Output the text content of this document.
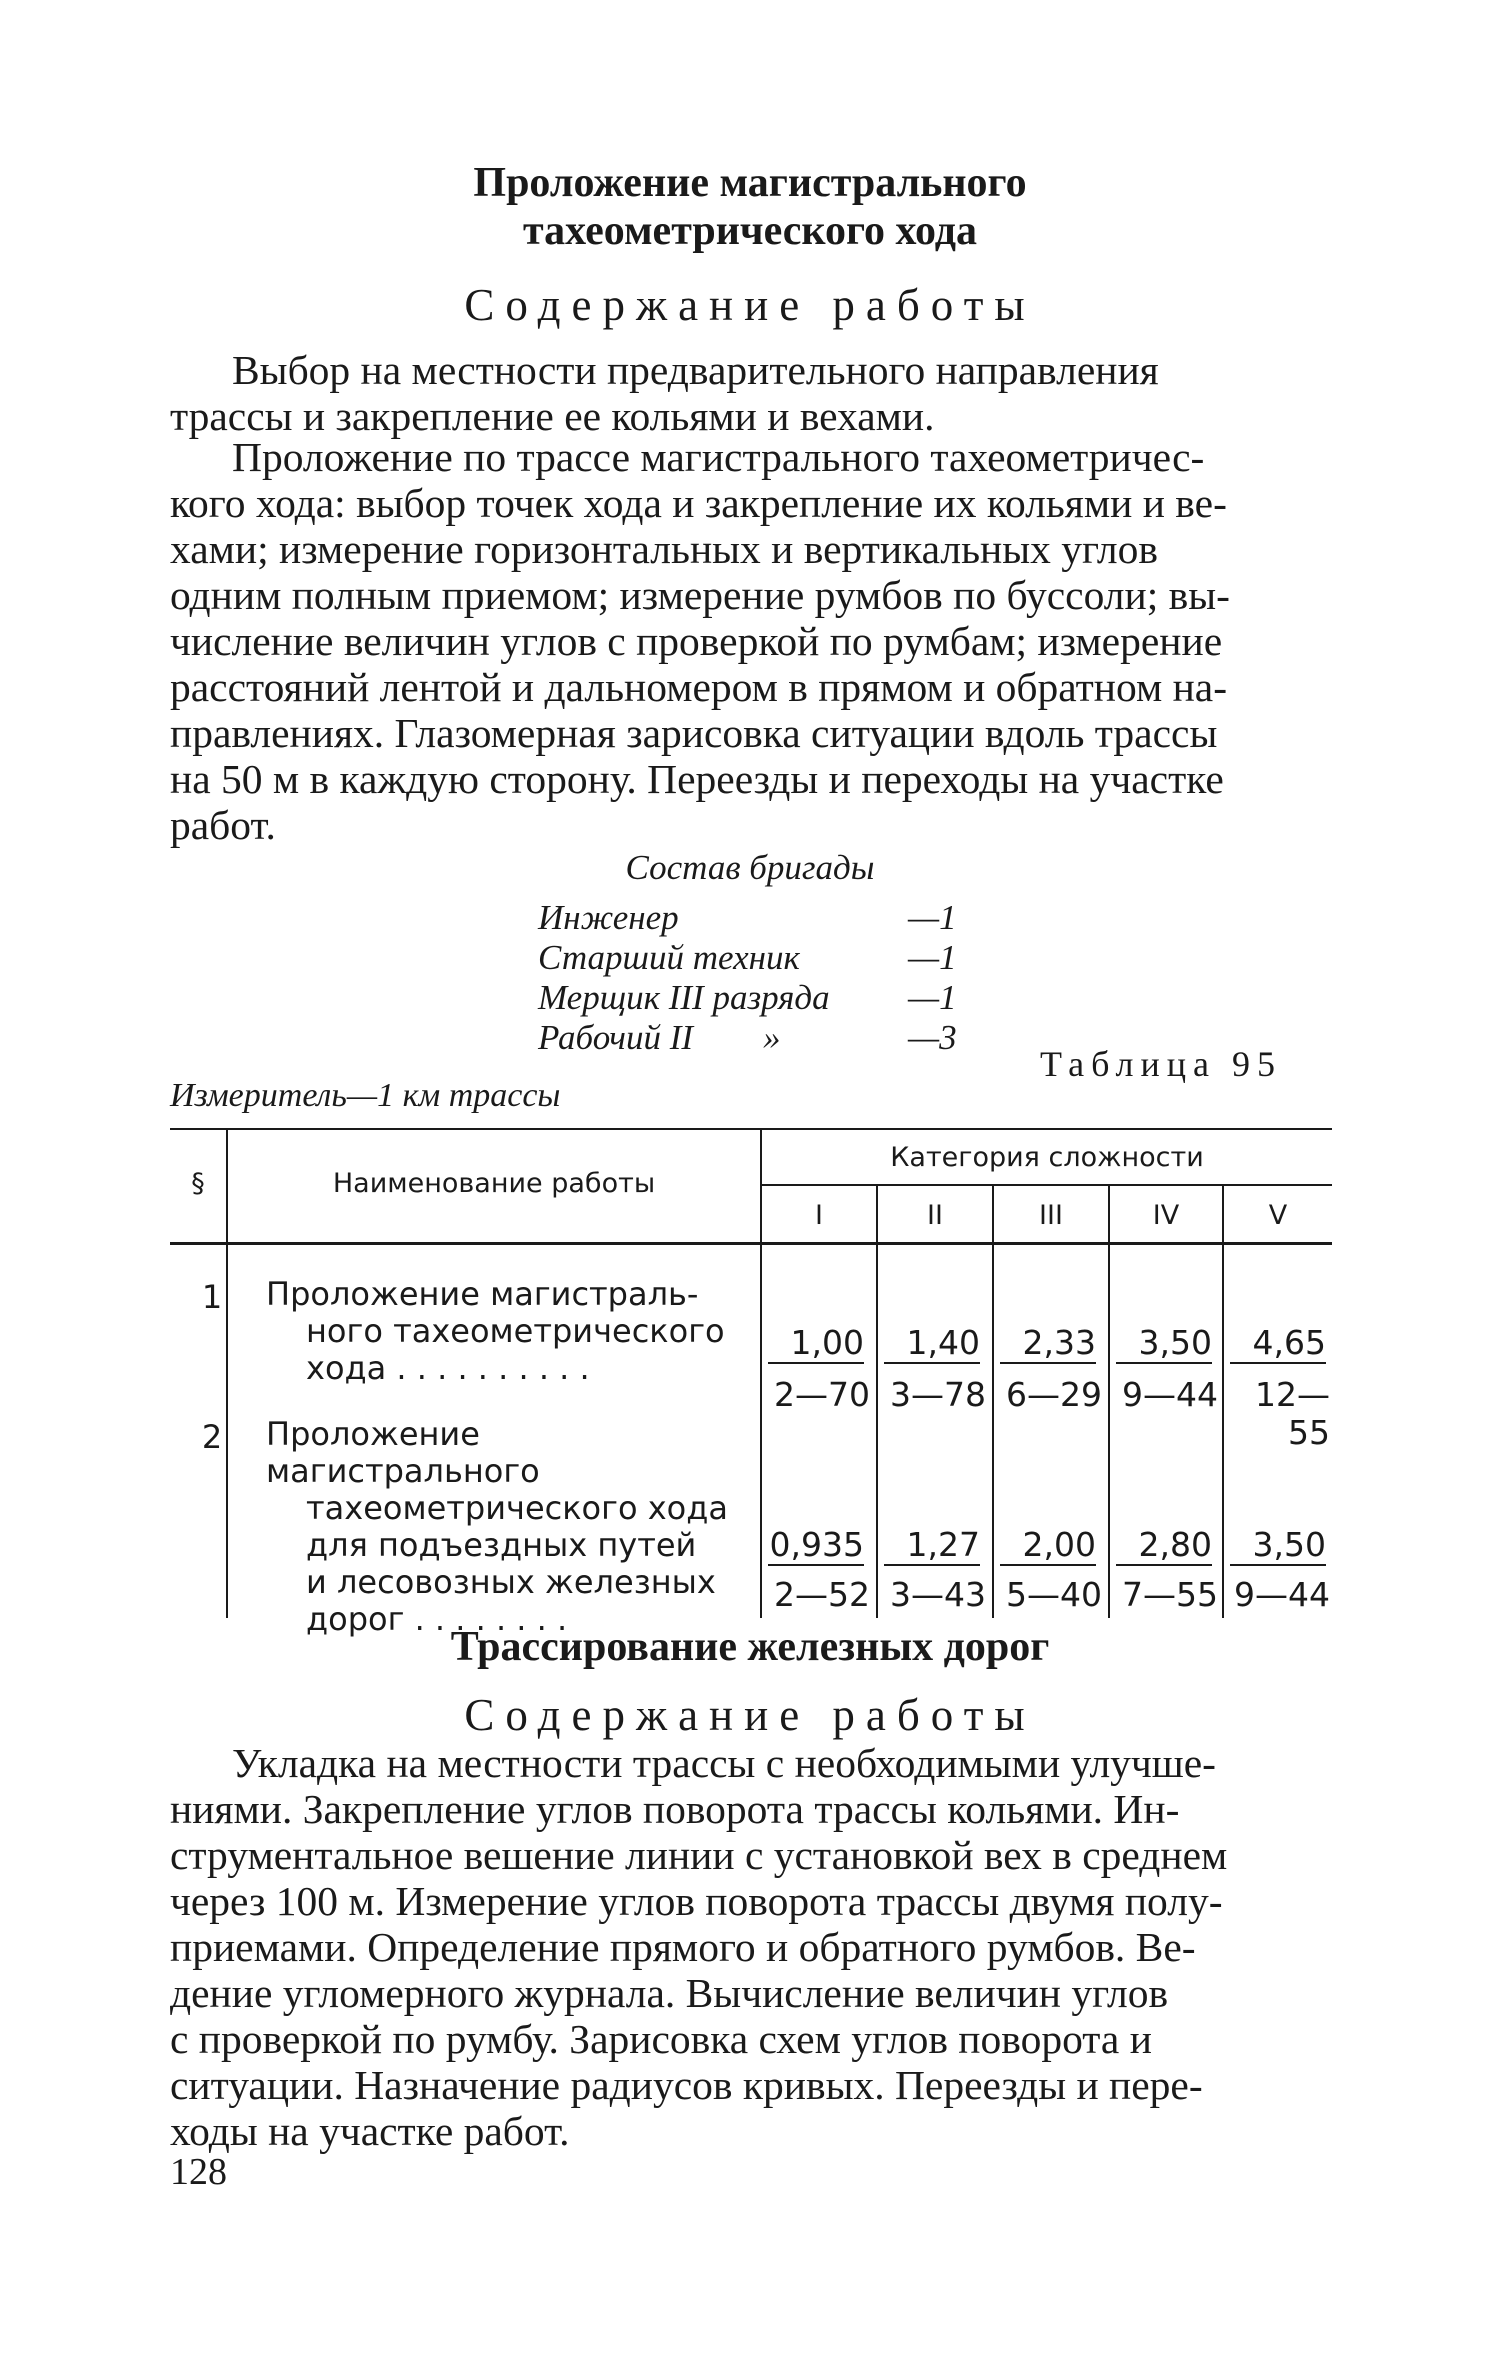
Проложение магистрального
тахеометрического хода
Содержание работы
Выбор на местности предварительного направления
трассы и закрепление ее кольями и вехами.
Проложение по трассе магистрального тахеометричес-
кого хода: выбор точек хода и закрепление их кольями и ве-
хами; измерение горизонтальных и вертикальных углов
одним полным приемом; измерение румбов по буссоли; вы-
числение величин углов с проверкой по румбам; измерение
расстояний лентой и дальномером в прямом и обратном на-
правлениях. Глазомерная зарисовка ситуации вдоль трассы
на 50 м в каждую сторону. Переезды и переходы на участке
работ.
Состав бригады
Инженер	—1
Старший техник	—1
Мерщик III разряда —1
Рабочий II        »	—3
Таблица 95
Измеритель—1 км трассы
§	Наименование работы
Категория сложности
I	II	III	IV	V
1	Проложение магистраль-
ного тахеометрического
хода . . . . . . . . . .
1,00	1,40	2,33	3,50	4,65
2—70 3—78 6—29 9—44	12—55
2	Проложение магистрального
тахеометрического хода
для подъездных путей
и лесовозных железных
дорог . . . . . . . .
0,935	1,27	2,00	2,80	3,50
2—52 3—43 5—40 7—55 9—44
Трассирование железных дорог
Содержание работы
Укладка на местности трассы с необходимыми улучше-
ниями. Закрепление углов поворота трассы кольями. Ин-
струментальное вешение линии с установкой вех в среднем
через 100 м. Измерение углов поворота трассы двумя полу-
приемами. Определение прямого и обратного румбов. Ве-
дение угломерного журнала. Вычисление величин углов
с проверкой по румбу. Зарисовка схем углов поворота и
ситуации. Назначение радиусов кривых. Переезды и пере-
ходы на участке работ.
128
